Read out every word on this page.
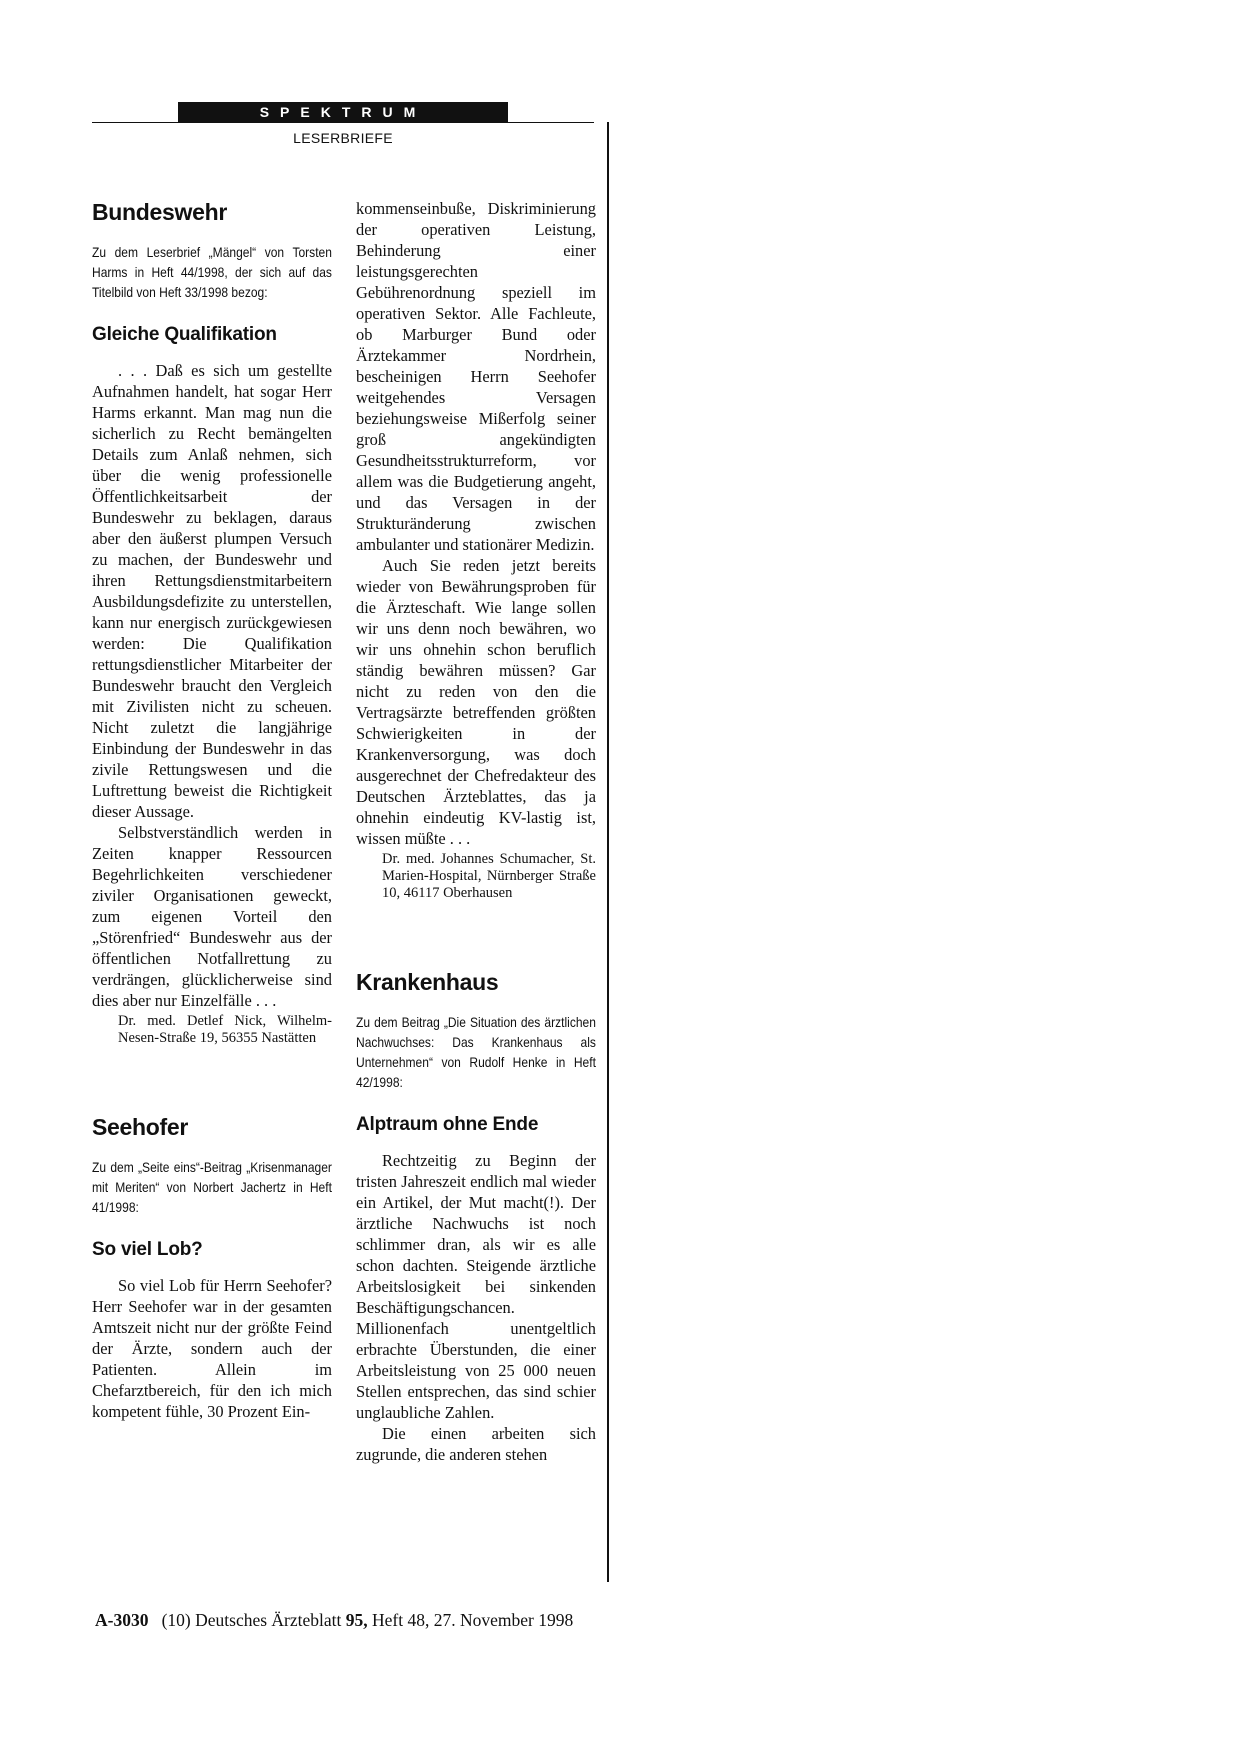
SPEKTRUM
LESERBRIEFE
Bundeswehr

Zu dem Leserbrief „Mängel“ von Torsten Harms in Heft 44/1998, der sich auf das Titelbild von Heft 33/1998 bezog:

Gleiche Qualifikation

. . . Daß es sich um gestellte Aufnahmen handelt, hat sogar Herr Harms erkannt. Man mag nun die sicherlich zu Recht bemängelten Details zum Anlaß nehmen, sich über die wenig professionelle Öffentlichkeitsarbeit der Bundeswehr zu beklagen, daraus aber den äußerst plumpen Versuch zu machen, der Bundeswehr und ihren Rettungsdienstmitarbeitern Ausbildungsdefizite zu unterstellen, kann nur energisch zurückgewiesen werden: Die Qualifikation rettungsdienstlicher Mitarbeiter der Bundeswehr braucht den Vergleich mit Zivilisten nicht zu scheuen. Nicht zuletzt die langjährige Einbindung der Bundeswehr in das zivile Rettungswesen und die Luftrettung beweist die Richtigkeit dieser Aussage.

Selbstverständlich werden in Zeiten knapper Ressourcen Begehrlichkeiten verschiedener ziviler Organisationen geweckt, zum eigenen Vorteil den „Störenfried“ Bundeswehr aus der öffentlichen Notfallrettung zu verdrängen, glücklicherweise sind dies aber nur Einzelfälle . . .

Dr. med. Detlef Nick, Wilhelm-Nesen-Straße 19, 56355 Nastätten

Seehofer

Zu dem „Seite eins“-Beitrag „Krisenmanager mit Meriten“ von Norbert Jachertz in Heft 41/1998:

So viel Lob?

So viel Lob für Herrn Seehofer? Herr Seehofer war in der gesamten Amtszeit nicht nur der größte Feind der Ärzte, sondern auch der Patienten. Allein im Chefarztbereich, für den ich mich kompetent fühle, 30 Prozent Ein-

kommenseinbuße, Diskriminierung der operativen Leistung, Behinderung einer leistungsgerechten Gebührenordnung speziell im operativen Sektor. Alle Fachleute, ob Marburger Bund oder Ärztekammer Nordrhein, bescheinigen Herrn Seehofer weitgehendes Versagen beziehungsweise Mißerfolg seiner groß angekündigten Gesundheitsstrukturreform, vor allem was die Budgetierung angeht, und das Versagen in der Strukturänderung zwischen ambulanter und stationärer Medizin.

Auch Sie reden jetzt bereits wieder von Bewährungsproben für die Ärzteschaft. Wie lange sollen wir uns denn noch bewähren, wo wir uns ohnehin schon beruflich ständig bewähren müssen? Gar nicht zu reden von den die Vertragsärzte betreffenden größten Schwierigkeiten in der Krankenversorgung, was doch ausgerechnet der Chefredakteur des Deutschen Ärzteblattes, das ja ohnehin eindeutig KV-lastig ist, wissen müßte . . .

Dr. med. Johannes Schumacher, St. Marien-Hospital, Nürnberger Straße 10, 46117 Oberhausen

Krankenhaus

Zu dem Beitrag „Die Situation des ärztlichen Nachwuchses: Das Krankenhaus als Unternehmen“ von Rudolf Henke in Heft 42/1998:

Alptraum ohne Ende

Rechtzeitig zu Beginn der tristen Jahreszeit endlich mal wieder ein Artikel, der Mut macht(!). Der ärztliche Nachwuchs ist noch schlimmer dran, als wir es alle schon dachten. Steigende ärztliche Arbeitslosigkeit bei sinkenden Beschäftigungschancen. Millionenfach unentgeltlich erbrachte Überstunden, die einer Arbeitsleistung von 25 000 neuen Stellen entsprechen, das sind schier unglaubliche Zahlen.

Die einen arbeiten sich zugrunde, die anderen stehen

A-3030 (10) Deutsches Ärzteblatt 95, Heft 48, 27. November 1998
